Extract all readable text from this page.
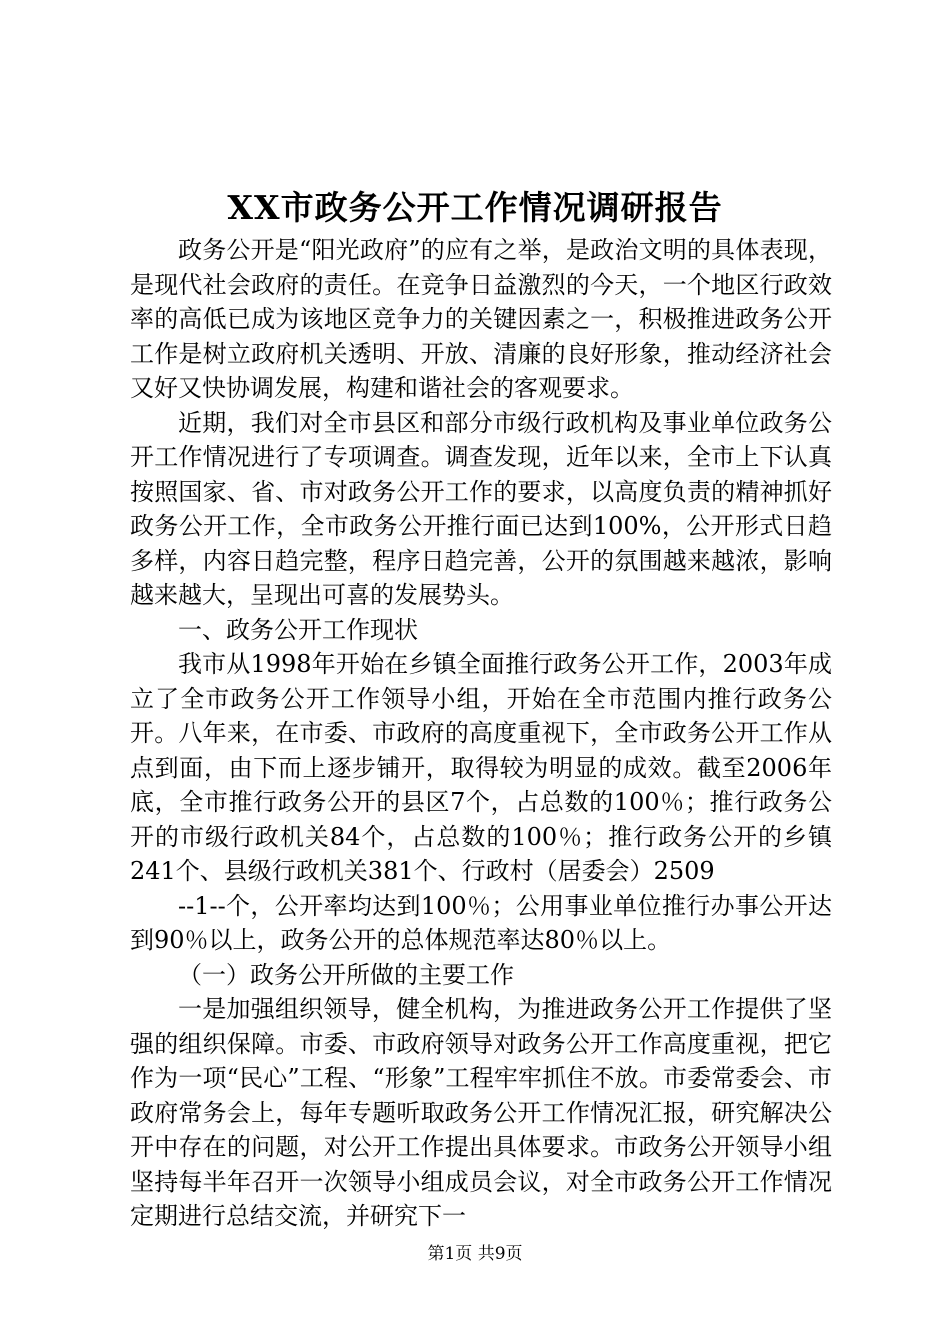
XX市政务公开工作情况调研报告

政务公开是“阳光政府”的应有之举，是政治文明的具体表现，是现代社会政府的责任。在竞争日益激烈的今天，一个地区行政效率的高低已成为该地区竞争力的关键因素之一，积极推进政务公开工作是树立政府机关透明、开放、清廉的良好形象，推动经济社会又好又快协调发展，构建和谐社会的客观要求。

近期，我们对全市县区和部分市级行政机构及事业单位政务公开工作情况进行了专项调查。调查发现，近年以来，全市上下认真按照国家、省、市对政务公开工作的要求，以高度负责的精神抓好政务公开工作，全市政务公开推行面已达到100%，公开形式日趋多样，内容日趋完整，程序日趋完善，公开的氛围越来越浓，影响越来越大，呈现出可喜的发展势头。

一、政务公开工作现状

我市从1998年开始在乡镇全面推行政务公开工作，2003年成立了全市政务公开工作领导小组，开始在全市范围内推行政务公开。八年来，在市委、市政府的高度重视下，全市政务公开工作从点到面，由下而上逐步铺开，取得较为明显的成效。截至2006年底，全市推行政务公开的县区7个，占总数的100％；推行政务公开的市级行政机关84个，占总数的100％；推行政务公开的乡镇241个、县级行政机关381个、行政村（居委会）2509

--1--个，公开率均达到100％；公用事业单位推行办事公开达到90％以上，政务公开的总体规范率达80％以上。

（一）政务公开所做的主要工作

一是加强组织领导，健全机构，为推进政务公开工作提供了坚强的组织保障。市委、市政府领导对政务公开工作高度重视，把它作为一项“民心”工程、“形象”工程牢牢抓住不放。市委常委会、市政府常务会上，每年专题听取政务公开工作情况汇报，研究解决公开中存在的问题，对公开工作提出具体要求。市政务公开领导小组坚持每半年召开一次领导小组成员会议，对全市政务公开工作情况定期进行总结交流，并研究下一

第1页 共9页
